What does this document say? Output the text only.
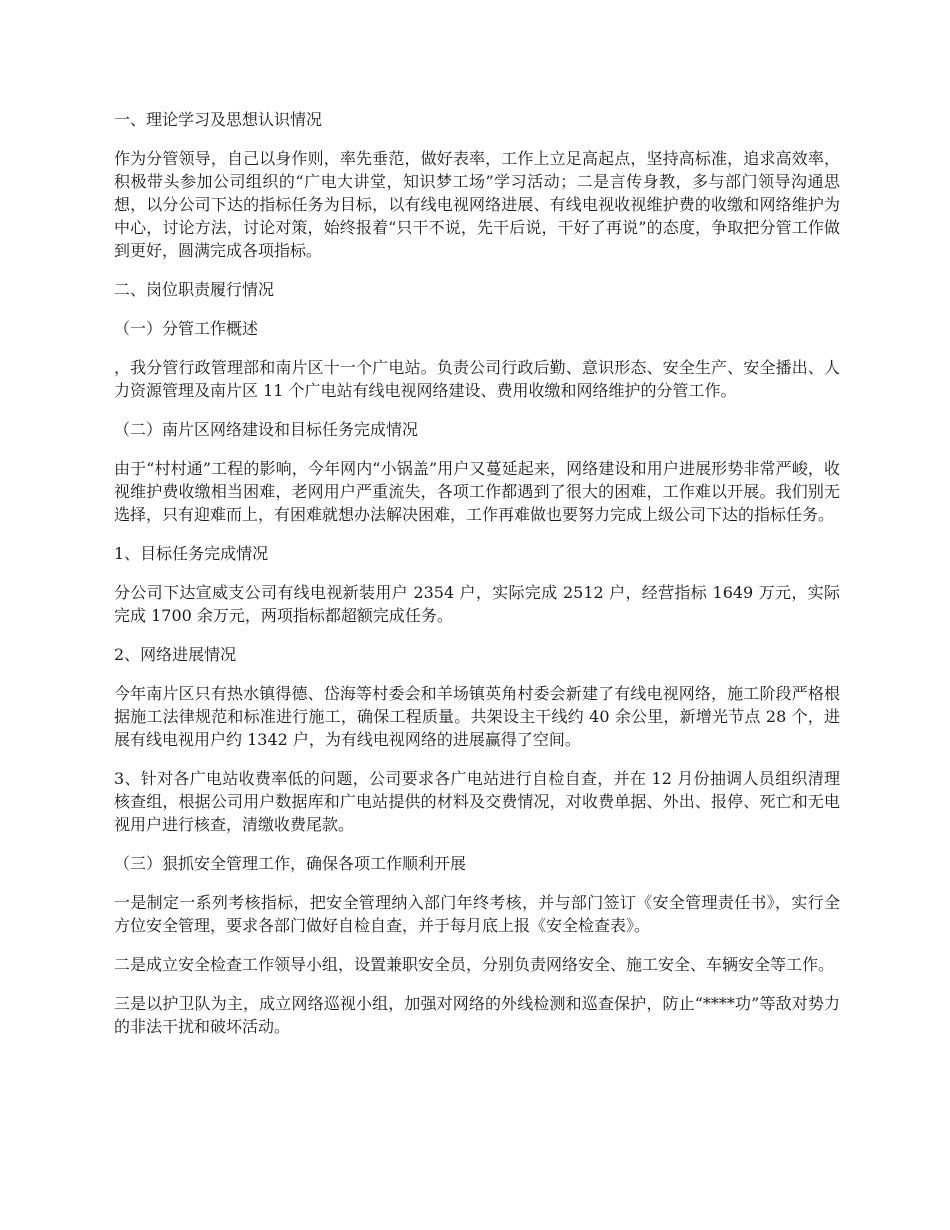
一、理论学习及思想认识情况
作为分管领导，自己以身作则，率先垂范，做好表率，工作上立足高起点，坚持高标准，追求高效率，积极带头参加公司组织的“广电大讲堂，知识梦工场”学习活动；二是言传身教，多与部门领导沟通思想，以分公司下达的指标任务为目标，以有线电视网络进展、有线电视收视维护费的收缴和网络维护为中心，讨论方法，讨论对策，始终报着“只干不说，先干后说，干好了再说”的态度，争取把分管工作做到更好，圆满完成各项指标。
二、岗位职责履行情况
（一）分管工作概述
，我分管行政管理部和南片区十一个广电站。负责公司行政后勤、意识形态、安全生产、安全播出、人力资源管理及南片区 11 个广电站有线电视网络建设、费用收缴和网络维护的分管工作。
（二）南片区网络建设和目标任务完成情况
由于“村村通”工程的影响，今年网内“小锅盖”用户又蔓延起来，网络建设和用户进展形势非常严峻，收视维护费收缴相当困难，老网用户严重流失，各项工作都遇到了很大的困难，工作难以开展。我们别无选择，只有迎难而上，有困难就想办法解决困难，工作再难做也要努力完成上级公司下达的指标任务。
1、目标任务完成情况
分公司下达宣威支公司有线电视新装用户 2354 户，实际完成 2512 户，经营指标 1649 万元，实际完成 1700 余万元，两项指标都超额完成任务。
2、网络进展情况
今年南片区只有热水镇得德、岱海等村委会和羊场镇英角村委会新建了有线电视网络，施工阶段严格根据施工法律规范和标准进行施工，确保工程质量。共架设主干线约 40 余公里，新增光节点 28 个，进展有线电视用户约 1342 户，为有线电视网络的进展赢得了空间。
3、针对各广电站收费率低的问题，公司要求各广电站进行自检自查，并在 12 月份抽调人员组织清理核查组，根据公司用户数据库和广电站提供的材料及交费情况，对收费单据、外出、报停、死亡和无电视用户进行核查，清缴收费尾款。
（三）狠抓安全管理工作，确保各项工作顺利开展
一是制定一系列考核指标，把安全管理纳入部门年终考核，并与部门签订《安全管理责任书》，实行全方位安全管理，要求各部门做好自检自查，并于每月底上报《安全检查表》。
二是成立安全检查工作领导小组，设置兼职安全员，分别负责网络安全、施工安全、车辆安全等工作。
三是以护卫队为主，成立网络巡视小组，加强对网络的外线检测和巡查保护，防止“****功”等敌对势力的非法干扰和破坏活动。
